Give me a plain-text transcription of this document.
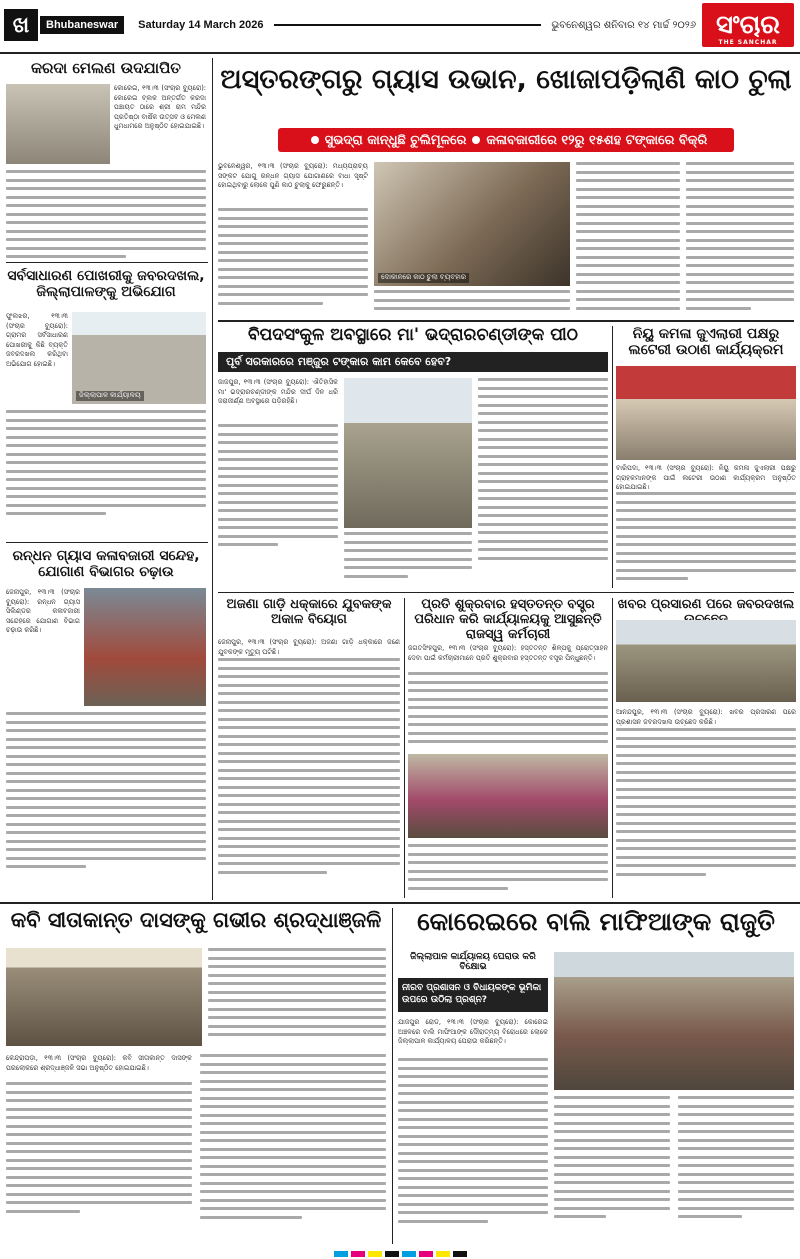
ଖ	Bhubaneswar	Saturday 14 March 2026	ଭୁବନେଶ୍ୱର ଶନିବାର ୧୪ ମାର୍ଚ୍ଚ ୨୦୨୬ ସଂଚାର
THE SANCHAR
କରଦା ମେଲଣ ଉଦଯାପିତ
କୋରେଇ, ୧୩।୩ (ସଂଚାର ବ୍ୟୁରୋ): କୋରେଇ ବ୍ଲକ ଅନ୍ତର୍ଗତ କରଦା ପଞ୍ଚାୟତ ଠାରେ ଶ୍ରୀ ରାମ ମନ୍ଦିର ପ୍ରତିଷ୍ଠା ବାର୍ଷିକ ଉତ୍ସବ ଓ ମେଲଣ ଧୁମଧାମରେ ଅନୁଷ୍ଠିତ ହୋଇଯାଇଛି।
ସର୍ବସାଧାରଣ ପୋଖରୀକୁ ଜବରଦଖଲ, ଜିଲ୍ଲାପାଳଙ୍କୁ ଅଭିଯୋଗ
ଫୁଲଝର, ୧୩।୩ (ସଂଚାର ବ୍ୟୁରୋ): ଗ୍ରାମର ସର୍ବସାଧାରଣ ପୋଖରୀକୁ କିଛି ବ୍ୟକ୍ତି ଜବରଦଖଲ କରିଥିବା ଅଭିଯୋଗ ହୋଇଛି।
ଜିଲ୍ଲାପାଳ କାର୍ଯ୍ୟାଳୟ
ରନ୍ଧନ ଗ୍ୟାସ କଳାବଜାରୀ ସନ୍ଦେହ, ଯୋଗାଣ ବିଭାଗର ଚଢ଼ାଉ
ଜେନାପୁର, ୧୩।୩ (ସଂଚାର ବ୍ୟୁରୋ): ରନ୍ଧନ ଗ୍ୟାସ ସିଲିଣ୍ଡର କଳାବଜାରୀ ସନ୍ଦେହରେ ଯୋଗାଣ ବିଭାଗ ଚଢ଼ାଉ କରିଛି।
ଅସ୍ତରଙ୍ଗରୁ ଗ୍ୟାସ ଉଭାନ, ଖୋଜାପଡ଼ିଲାଣି କାଠ ଚୁଲା
ସୁଭଦ୍ରା କାନ୍ଧୁଛି ଚୁଲିମୂଳରେ କଳାବଜାରୀରେ ୧୨ରୁ ୧୫ଶହ ଟଙ୍କାରେ ବିକ୍ରି
ଭୁବନେଶ୍ୱର, ୧୩।୩ (ସଂଚାର ବ୍ୟୁରୋ): ମଧ୍ୟପ୍ରାଚ୍ୟ ସଙ୍କଟ ଯୋଗୁ ରନ୍ଧନ ଗ୍ୟାସ ଯୋଗାଣରେ ବାଧା ସୃଷ୍ଟି ହୋଇଥିବାରୁ ଲୋକେ ପୁଣି କାଠ ଚୁଲାକୁ ଫେରୁଛନ୍ତି।
ଦୋକାନରେ କାଠ ଚୁଲା ବ୍ୟବହାର
ବିପଦସଂକୁଳ ଅବସ୍ଥାରେ ମା' ଭଦ୍ରାରଚଣ୍ଡୀଙ୍କ ପୀଠ
ପୂର୍ବ ସରକାରରେ ମଞ୍ଜୁର ଟଙ୍କାର କାମ କେବେ ହେବ?
ଜାଜପୁର, ୧୩।୩ (ସଂଚାର ବ୍ୟୁରୋ): ଐତିହାସିକ ମା' ଭଦ୍ରାରଚଣ୍ଡୀଙ୍କ ମନ୍ଦିର ଦୀର୍ଘ ଦିନ ଧରି ଜରାଜୀର୍ଣ୍ଣ ଅବସ୍ଥାରେ ପଡ଼ିରହିଛି।
ନିୟୁ କମଳା ଜୁଏଲାରୀ ପକ୍ଷରୁ ଲଟେରୀ ଉଠାଣ କାର୍ଯ୍ୟକ୍ରମ
ବାରିପଦା, ୧୩।୩ (ସଂଚାର ବ୍ୟୁରୋ): ନିୟୁ କମଳା ଜୁଏଲାରୀ ପକ୍ଷରୁ ଗ୍ରାହକମାନଙ୍କ ପାଇଁ ଲଟେରୀ ଉଠାଣ କାର୍ଯ୍ୟକ୍ରମ ଅନୁଷ୍ଠିତ ହୋଇଯାଇଛି।
ଅଜଣା ଗାଡ଼ି ଧକ୍କାରେ ଯୁବକଙ୍କ ଅକାଳ ବିୟୋଗ
ଜେନାପୁର, ୧୩।୩ (ସଂଚାର ବ୍ୟୁରୋ): ଅଜଣା ଗାଡ଼ି ଧକ୍କାରେ ଜଣେ ଯୁବକଙ୍କ ମୃତ୍ୟୁ ଘଟିଛି।
ପ୍ରତି ଶୁକ୍ରବାର ହସ୍ତତନ୍ତ ବସ୍ତ୍ର ପରିଧାନ କରି କାର୍ଯ୍ୟାଳୟକୁ ଆସୁଛନ୍ତି ରାଜସ୍ୱ କର୍ମଚାରୀ
ଜଗତସିଂହପୁର, ୧୩।୩ (ସଂଚାର ବ୍ୟୁରୋ): ହସ୍ତତନ୍ତ ଶିଳ୍ପକୁ ପ୍ରୋତ୍ସାହନ ଦେବା ପାଇଁ କର୍ମଚାରୀମାନେ ପ୍ରତି ଶୁକ୍ରବାର ହସ୍ତତନ୍ତ ବସ୍ତ୍ର ପିନ୍ଧୁଛନ୍ତି।
ଖବର ପ୍ରସାରଣ ପରେ ଜବରଦଖଲ
ଆନନ୍ଦପୁର, ୧୩।୩ (ସଂଚାର ବ୍ୟୁରୋ): ଖବର ପ୍ରସାରଣ ପରେ ପ୍ରଶାସନ ଜବରଦଖଲ ଉଚ୍ଛେଦ କରିଛି।
କବି ସୀତାକାନ୍ତ ଦାସଙ୍କୁ ଗଭୀର ଶ୍ରଦ୍ଧାଞ୍ଜଳି
କେନ୍ଦ୍ରାପଡ଼ା, ୧୩।୩ (ସଂଚାର ବ୍ୟୁରୋ): କବି ସୀତାକାନ୍ତ ଦାସଙ୍କ ପରଲୋକରେ ଶ୍ରଦ୍ଧାଞ୍ଜଳି ସଭା ଅନୁଷ୍ଠିତ ହୋଇଯାଇଛି।
କୋରେଇରେ ବାଲି ମାଫିଆଙ୍କ ରାଜୁତି
ଜିଲ୍ଲାପାଳ କାର୍ଯ୍ୟାଳୟ ଘେରାଉ କରି ବିକ୍ଷୋଭ
ନୀରବ ପ୍ରଶାସନ ଓ ବିଧାୟକଙ୍କ ଭୂମିକା ଉପରେ ଉଠିଲା ପ୍ରଶ୍ନ?
ଯାଜପୁର ରୋଡ, ୧୩।୩ (ସଂଚାର ବ୍ୟୁରୋ): କୋରେଇ ଅଞ୍ଚଳରେ ବାଲି ମାଫିଆଙ୍କ ଦୌରାତ୍ମ୍ୟ ବିରୋଧରେ ଲୋକେ ଜିଲ୍ଲାପାଳ କାର୍ଯ୍ୟାଳୟ ଘେରାଉ କରିଛନ୍ତି।
